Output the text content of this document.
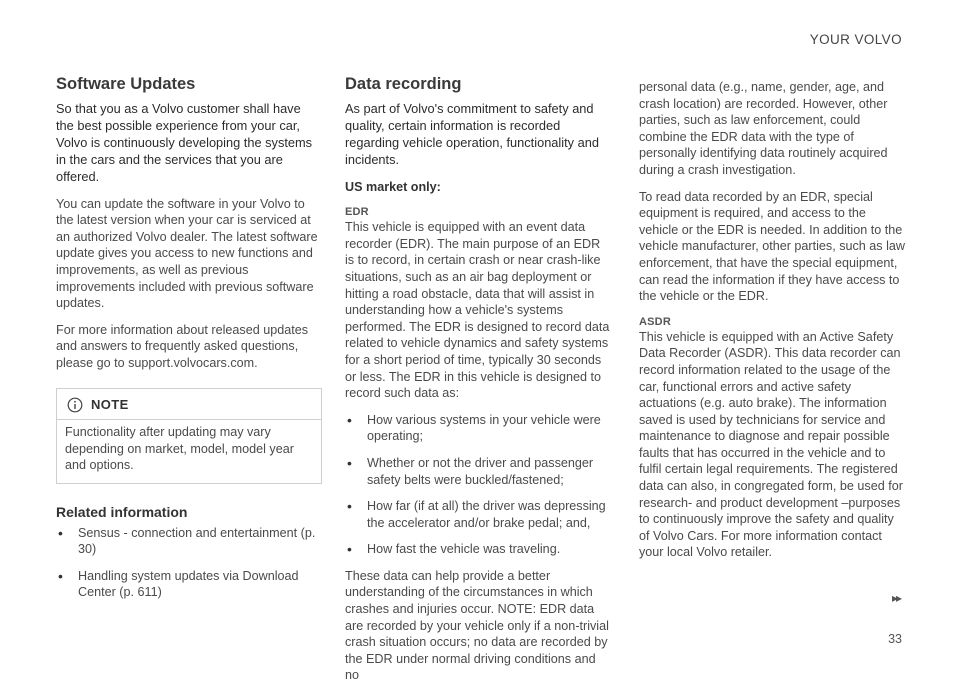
YOUR VOLVO
Software Updates

So that you as a Volvo customer shall have the best possible experience from your car, Volvo is continuously developing the systems in the cars and the services that you are offered.

You can update the software in your Volvo to the latest version when your car is serviced at an authorized Volvo dealer. The latest software update gives you access to new functions and improvements, as well as previous improvements included with previous software updates.

For more information about released updates and answers to frequently asked questions, please go to support.volvocars.com.

NOTE
Functionality after updating may vary depending on market, model, model year and options.
Related information
• Sensus - connection and entertainment (p. 30)
• Handling system updates via Download Center (p. 611)
Data recording

As part of Volvo's commitment to safety and quality, certain information is recorded regarding vehicle operation, functionality and incidents.

US market only:

EDR

This vehicle is equipped with an event data recorder (EDR). The main purpose of an EDR is to record, in certain crash or near crash-like situations, such as an air bag deployment or hitting a road obstacle, data that will assist in understanding how a vehicle's systems performed. The EDR is designed to record data related to vehicle dynamics and safety systems for a short period of time, typically 30 seconds or less. The EDR in this vehicle is designed to record such data as:

• How various systems in your vehicle were operating;
• Whether or not the driver and passenger safety belts were buckled/fastened;
• How far (if at all) the driver was depressing the accelerator and/or brake pedal; and,
• How fast the vehicle was traveling.

These data can help provide a better understanding of the circumstances in which crashes and injuries occur. NOTE: EDR data are recorded by your vehicle only if a non-trivial crash situation occurs; no data are recorded by the EDR under normal driving conditions and no

personal data (e.g., name, gender, age, and crash location) are recorded. However, other parties, such as law enforcement, could combine the EDR data with the type of personally identifying data routinely acquired during a crash investigation.

To read data recorded by an EDR, special equipment is required, and access to the vehicle or the EDR is needed. In addition to the vehicle manufacturer, other parties, such as law enforcement, that have the special equipment, can read the information if they have access to the vehicle or the EDR.

ASDR

This vehicle is equipped with an Active Safety Data Recorder (ASDR). This data recorder can record information related to the usage of the car, functional errors and active safety actuations (e.g. auto brake). The information saved is used by technicians for service and maintenance to diagnose and repair possible faults that has occurred in the vehicle and to fulfil certain legal requirements. The registered data can also, in congregated form, be used for research- and product development –purposes to continuously improve the safety and quality of Volvo Cars. For more information contact your local Volvo retailer.

▸▸
33
